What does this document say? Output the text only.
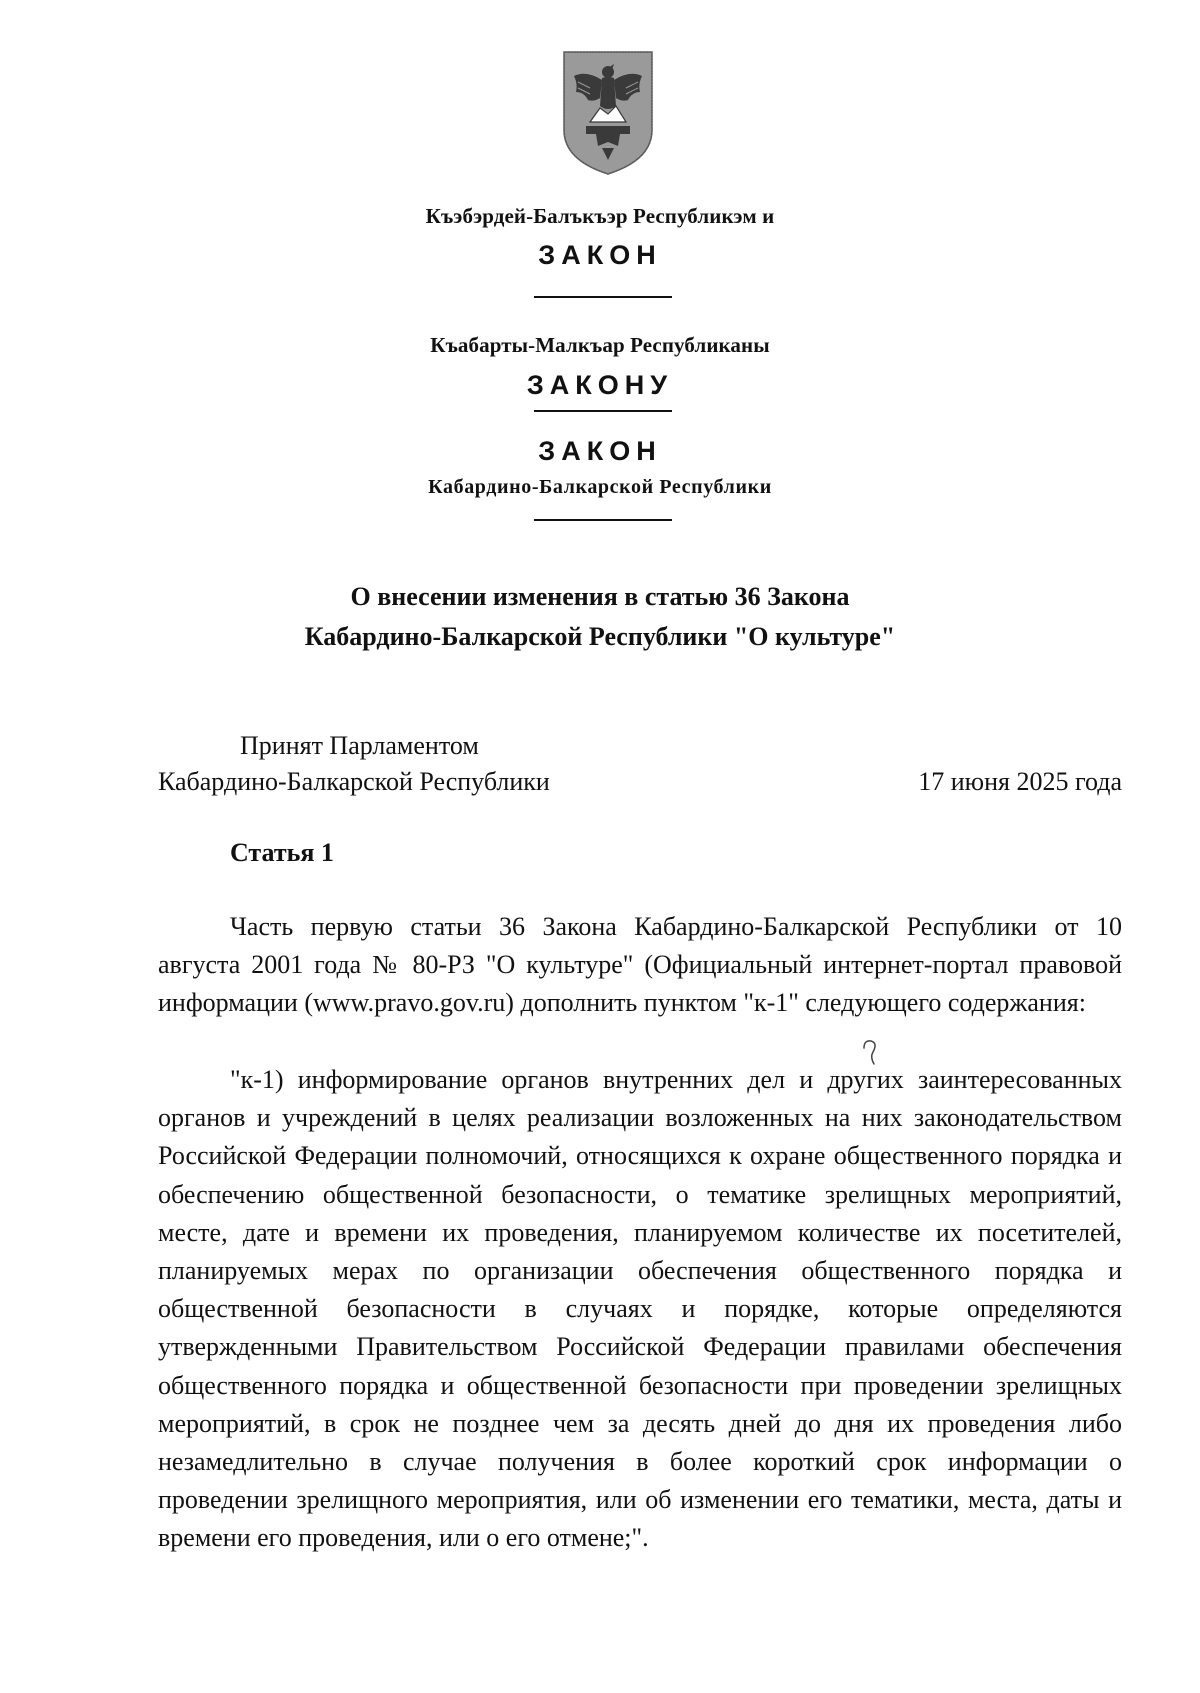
Къэбэрдей-Балъкъэр Республикэм и
ЗАКОН
Къабарты-Малкъар Республиканы
ЗАКОНУ
ЗАКОН
Кабардино-Балкарской Республики
О внесении изменения в статью 36 Закона
Кабардино-Балкарской Республики "О культуре"
Принят Парламентом
Кабардино-Балкарской Республики	17 июня 2025 года
Статья 1

Часть первую статьи 36 Закона Кабардино-Балкарской Республики от 10 августа 2001 года № 80-РЗ "О культуре" (Официальный интернет-портал правовой информации (www.pravo.gov.ru) дополнить пунктом "к-1" следующего содержания:

"к-1) информирование органов внутренних дел и других заинтересованных органов и учреждений в целях реализации возложенных на них законодательством Российской Федерации полномочий, относящихся к охране общественного порядка и обеспечению общественной безопасности, о тематике зрелищных мероприятий, месте, дате и времени их проведения, планируемом количестве их посетителей, планируемых мерах по организации обеспечения общественного порядка и общественной безопасности в случаях и порядке, которые определяются утвержденными Правительством Российской Федерации правилами обеспечения общественного порядка и общественной безопасности при проведении зрелищных мероприятий, в срок не позднее чем за десять дней до дня их проведения либо незамедлительно в случае получения в более короткий срок информации о проведении зрелищного мероприятия, или об изменении его тематики, места, даты и времени его проведения, или о его отмене;".
